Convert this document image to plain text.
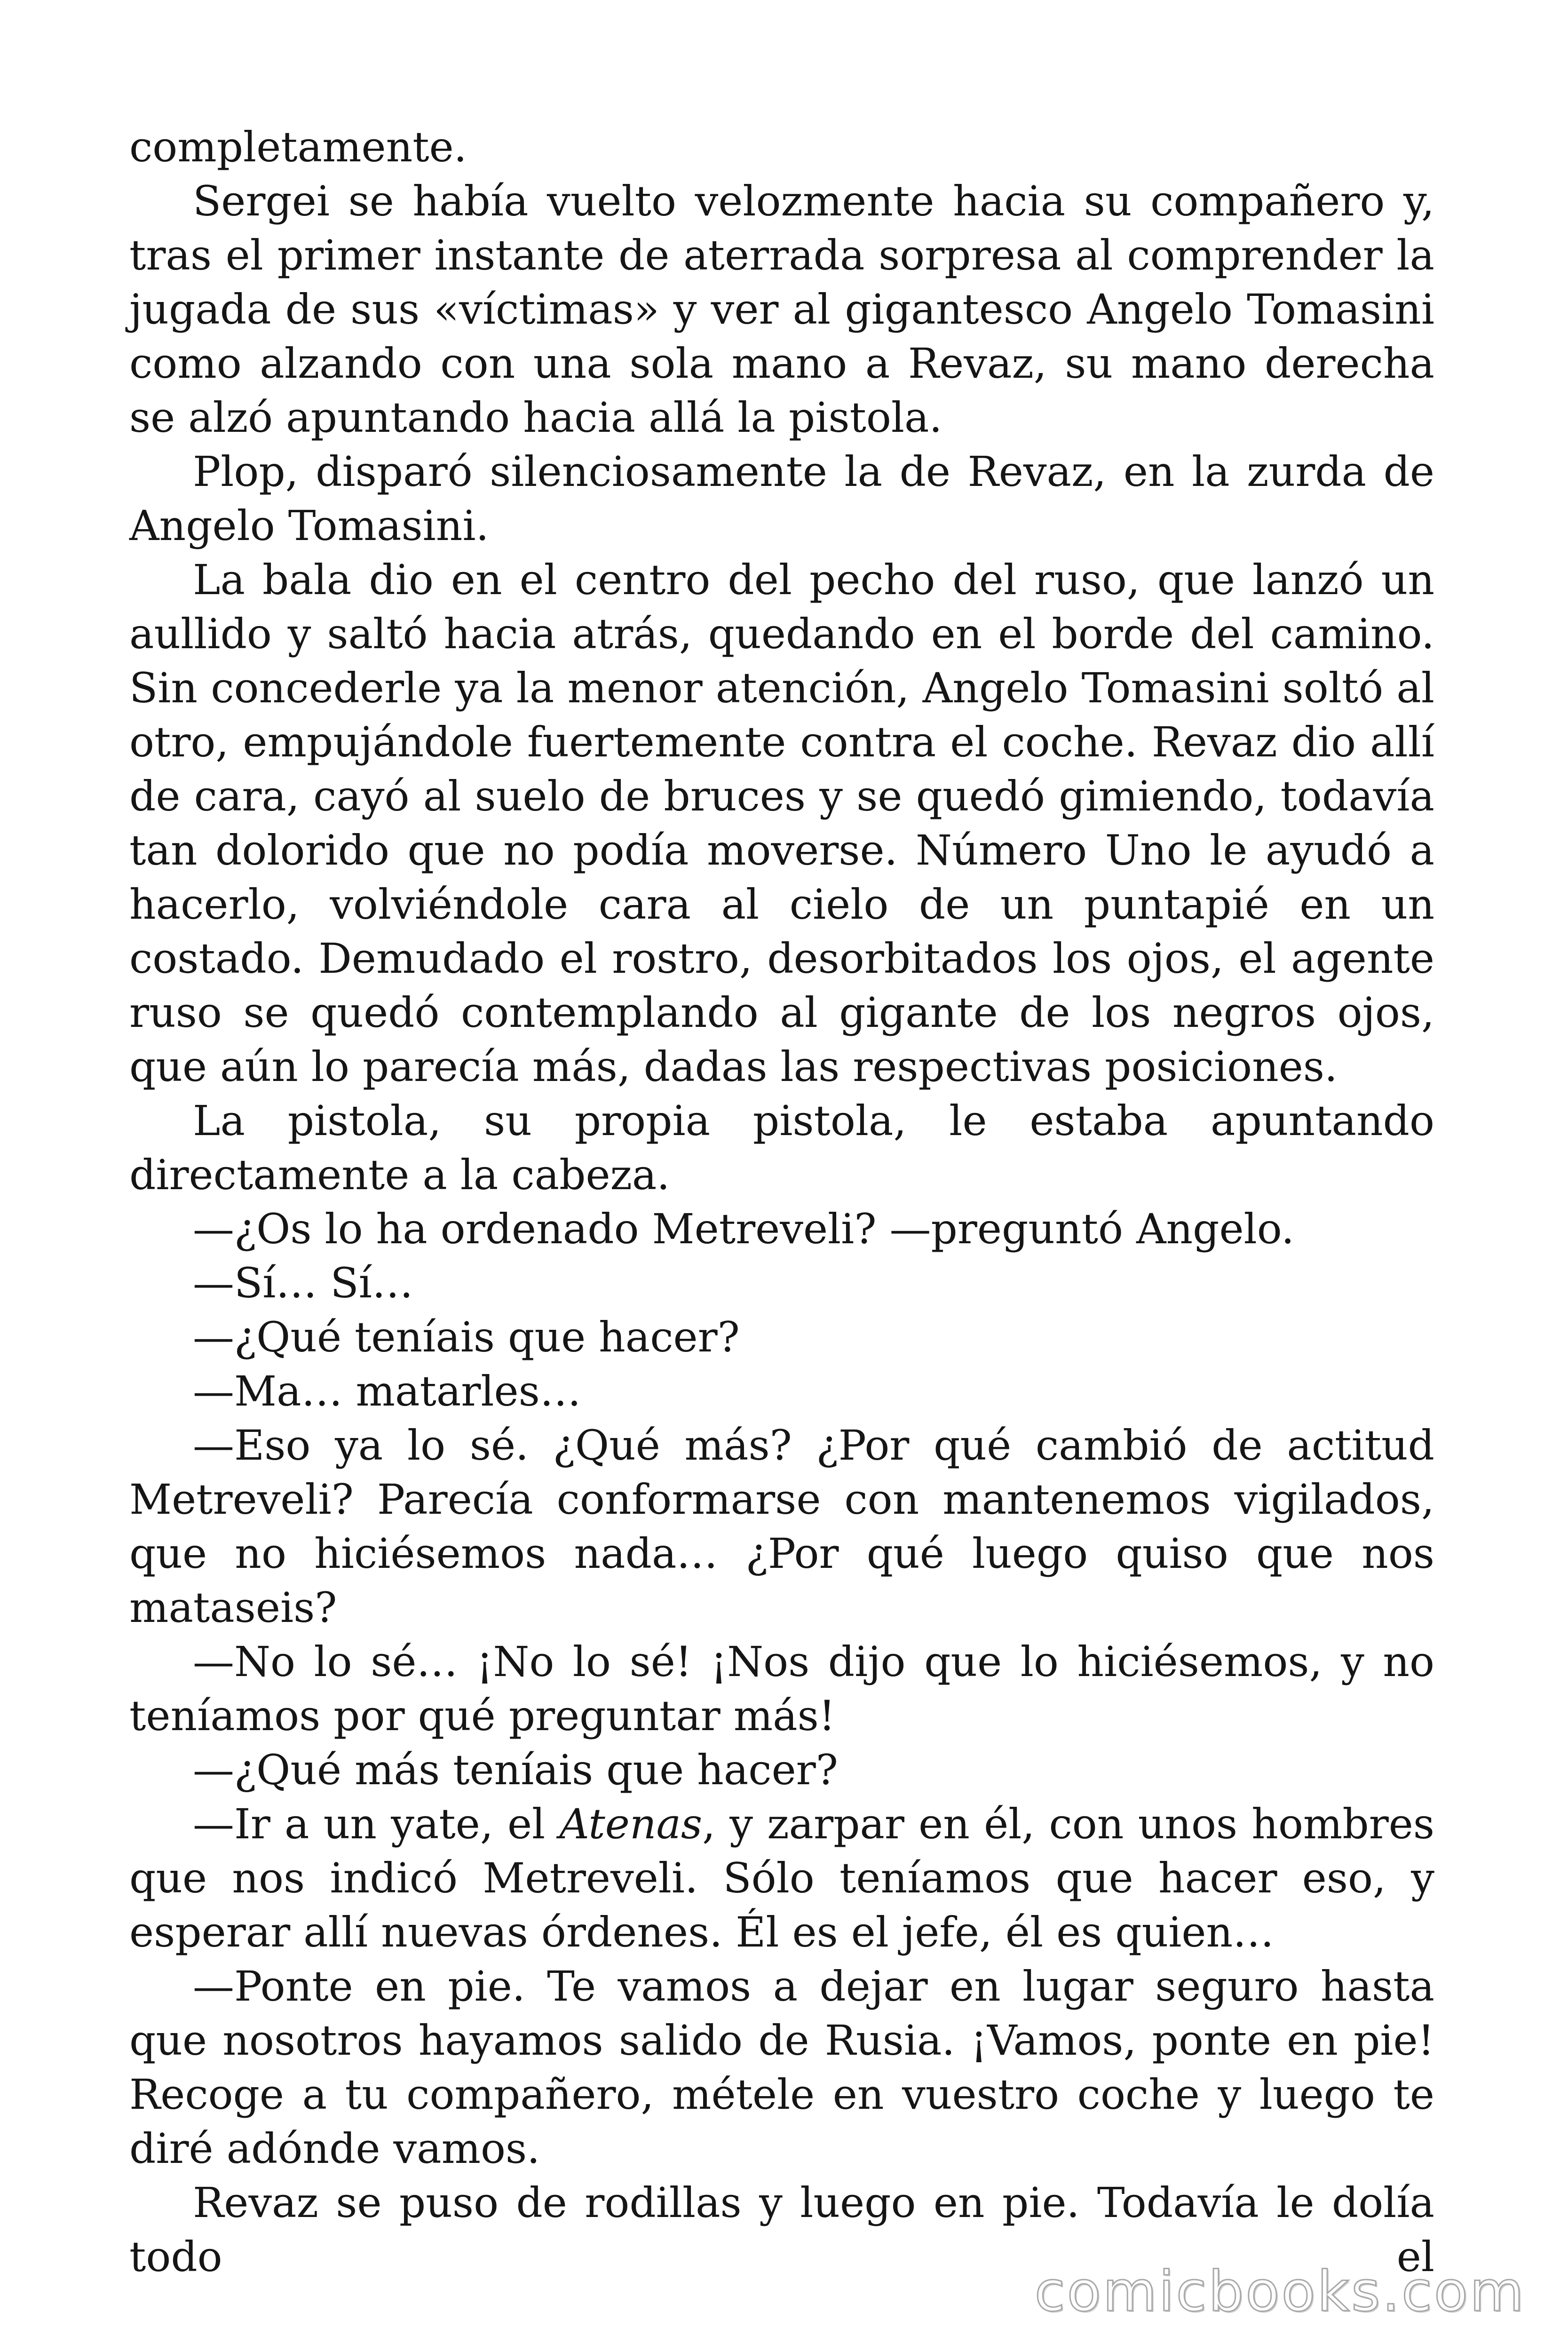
completamente.

Sergei se había vuelto velozmente hacia su compañero y, tras el primer instante de aterrada sorpresa al comprender la jugada de sus «víctimas» y ver al gigantesco Angelo Tomasini como alzando con una sola mano a Revaz, su mano derecha se alzó apuntando hacia allá la pistola.

Plop, disparó silenciosamente la de Revaz, en la zurda de Angelo Tomasini.

La bala dio en el centro del pecho del ruso, que lanzó un aullido y saltó hacia atrás, quedando en el borde del camino. Sin concederle ya la menor atención, Angelo Tomasini soltó al otro, empujándole fuertemente contra el coche. Revaz dio allí de cara, cayó al suelo de bruces y se quedó gimiendo, todavía tan dolorido que no podía moverse. Número Uno le ayudó a hacerlo, volviéndole cara al cielo de un puntapié en un costado. Demudado el rostro, desorbitados los ojos, el agente ruso se quedó contemplando al gigante de los negros ojos, que aún lo parecía más, dadas las respectivas posiciones.

La pistola, su propia pistola, le estaba apuntando directamente a la cabeza.

—¿Os lo ha ordenado Metreveli? —preguntó Angelo.

—Sí… Sí…

—¿Qué teníais que hacer?

—Ma… matarles…

—Eso ya lo sé. ¿Qué más? ¿Por qué cambió de actitud Metreveli? Parecía conformarse con mantenemos vigilados, que no hiciésemos nada… ¿Por qué luego quiso que nos mataseis?

—No lo sé… ¡No lo sé! ¡Nos dijo que lo hiciésemos, y no teníamos por qué preguntar más!

—¿Qué más teníais que hacer?

—Ir a un yate, el Atenas, y zarpar en él, con unos hombres que nos indicó Metreveli. Sólo teníamos que hacer eso, y esperar allí nuevas órdenes. Él es el jefe, él es quien…

—Ponte en pie. Te vamos a dejar en lugar seguro hasta que nosotros hayamos salido de Rusia. ¡Vamos, ponte en pie! Recoge a tu compañero, métele en vuestro coche y luego te diré adónde vamos.

Revaz se puso de rodillas y luego en pie. Todavía le dolía todo el

comicbooks.com
